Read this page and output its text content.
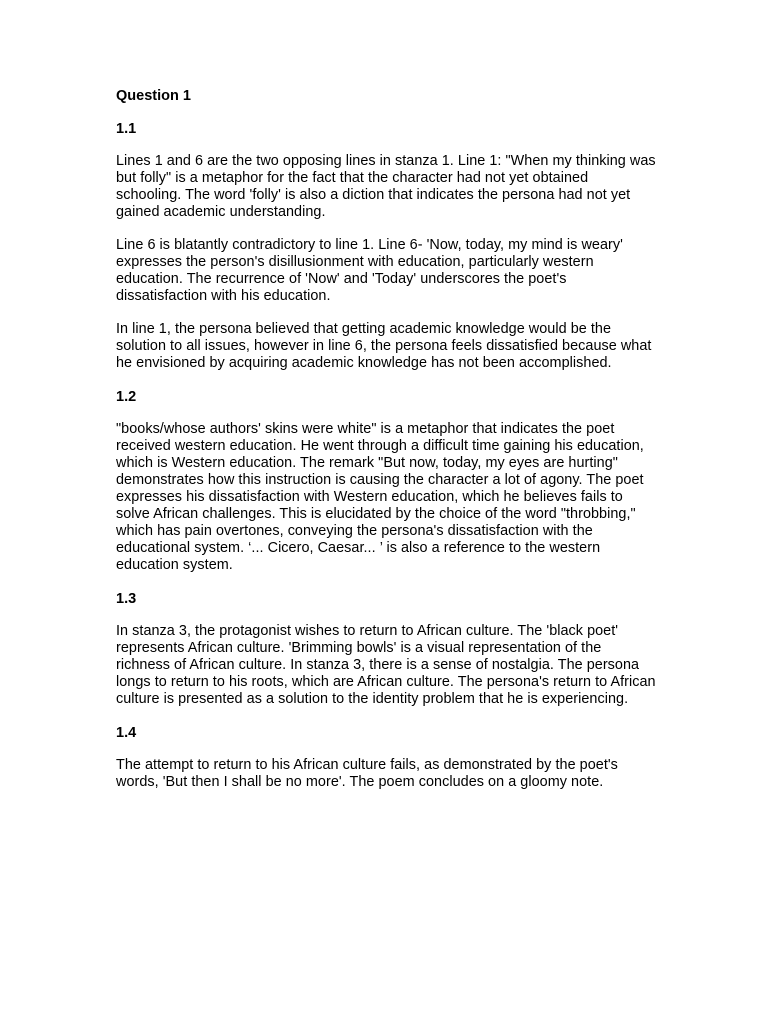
Question 1
1.1

Lines 1 and 6 are the two opposing lines in stanza 1. Line 1: "When my thinking was but folly" is a metaphor for the fact that the character had not yet obtained schooling. The word 'folly' is also a diction that indicates the persona had not yet gained academic understanding.

Line 6 is blatantly contradictory to line 1. Line 6- 'Now, today, my mind is weary' expresses the person's disillusionment with education, particularly western education. The recurrence of 'Now' and 'Today' underscores the poet's dissatisfaction with his education.

In line 1, the persona believed that getting academic knowledge would be the solution to all issues, however in line 6, the persona feels dissatisfied because what he envisioned by acquiring academic knowledge has not been accomplished.

1.2

"books/whose authors' skins were white" is a metaphor that indicates the poet received western education. He went through a difficult time gaining his education, which is Western education. The remark "But now, today, my eyes are hurting" demonstrates how this instruction is causing the character a lot of agony. The poet expresses his dissatisfaction with Western education, which he believes fails to solve African challenges. This is elucidated by the choice of the word "throbbing," which has pain overtones, conveying the persona's dissatisfaction with the educational system. ‘... Cicero, Caesar... ’ is also a reference to the western education system.

1.3

In stanza 3, the protagonist wishes to return to African culture. The 'black poet' represents African culture. 'Brimming bowls' is a visual representation of the richness of African culture. In stanza 3, there is a sense of nostalgia. The persona longs to return to his roots, which are African culture. The persona's return to African culture is presented as a solution to the identity problem that he is experiencing.

1.4

The attempt to return to his African culture fails, as demonstrated by the poet's words, 'But then I shall be no more'. The poem concludes on a gloomy note.
